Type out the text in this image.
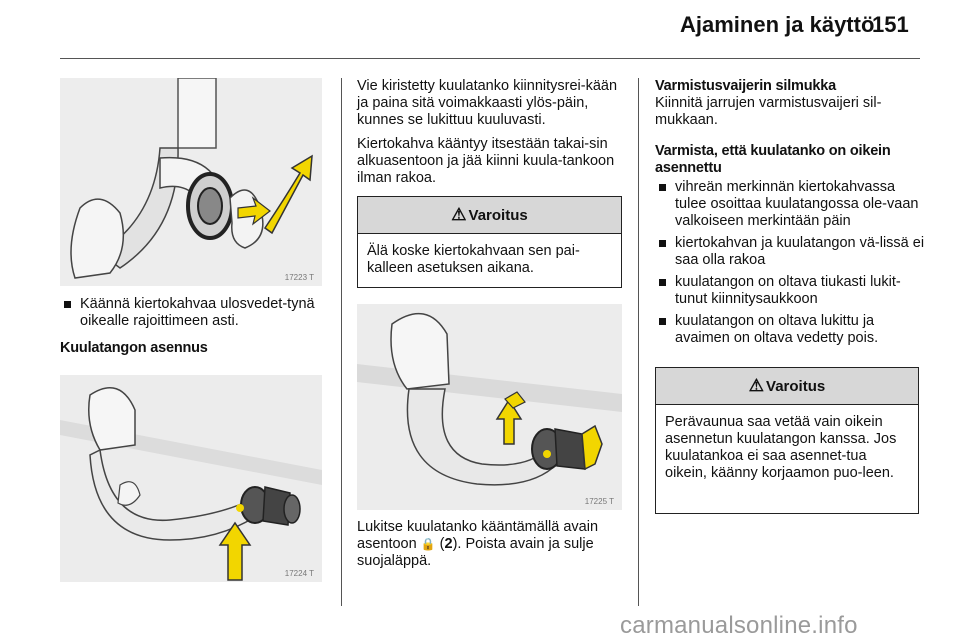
Ajaminen ja käyttö
151
17223 T
Käännä kiertokahvaa ulosvedet-tynä oikealle rajoittimeen asti.
Kuulatangon asennus
17224 T

Vie kiristetty kuulatanko kiinnitysrei-kään ja paina sitä voimakkaasti ylös-päin, kunnes se lukittuu kuuluvasti.

Kiertokahva kääntyy itsestään takai-sin alkuasentoon ja jää kiinni kuula-tankoon ilman rakoa.

⚠ Varoitus
Älä koske kiertokahvaan sen pai-kalleen asetuksen aikana.
17225 T

Lukitse kuulatanko kääntämällä avain asentoon 🔒 (2). Poista avain ja sulje suojaläppä.

Varmistusvaijerin silmukka

Kiinnitä jarrujen varmistusvaijeri sil-mukkaan.

Varmista, että kuulatanko on oikein asennettu
vihreän merkinnän kiertokahvassa tulee osoittaa kuulatangossa ole-vaan valkoiseen merkintään päin
kiertokahvan ja kuulatangon vä-lissä ei saa olla rakoa
kuulatangon on oltava tiukasti lukit-tunut kiinnitysaukkoon
kuulatangon on oltava lukittu ja avaimen on oltava vedetty pois.
⚠ Varoitus
Perävaunua saa vetää vain oikein asennetun kuulatangon kanssa. Jos kuulatankoa ei saa asennet-tua oikein, käänny korjaamon puo-leen.
carmanualsonline.info
